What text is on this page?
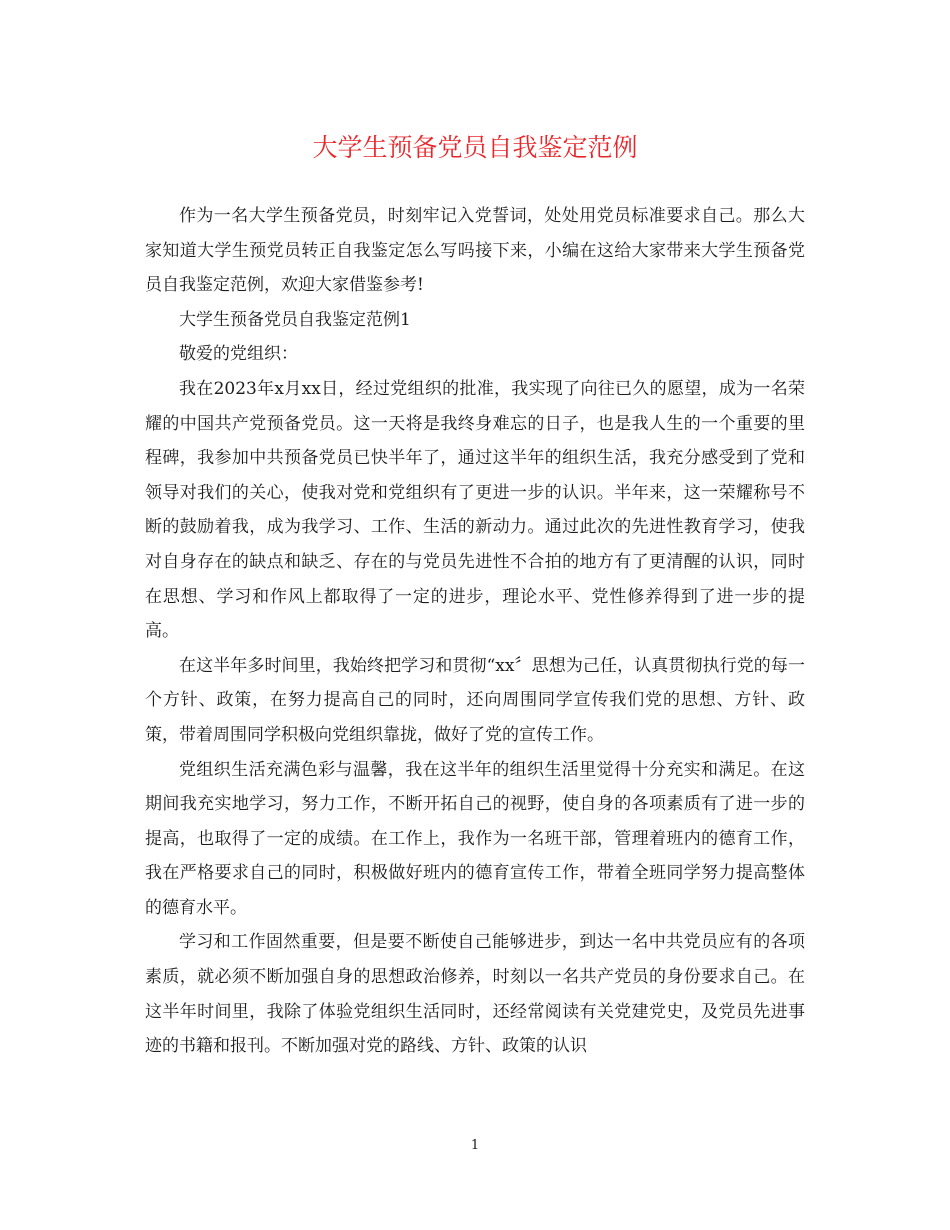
大学生预备党员自我鉴定范例

作为一名大学生预备党员，时刻牢记入党誓词，处处用党员标准要求自己。那么大家知道大学生预党员转正自我鉴定怎么写吗接下来，小编在这给大家带来大学生预备党员自我鉴定范例，欢迎大家借鉴参考!

大学生预备党员自我鉴定范例1

敬爱的党组织：

我在2023年x月xx日，经过党组织的批准，我实现了向往已久的愿望，成为一名荣耀的中国共产党预备党员。这一天将是我终身难忘的日子，也是我人生的一个重要的里程碑，我参加中共预备党员已快半年了，通过这半年的组织生活，我充分感受到了党和领导对我们的关心，使我对党和党组织有了更进一步的认识。半年来，这一荣耀称号不断的鼓励着我，成为我学习、工作、生活的新动力。通过此次的先进性教育学习，使我对自身存在的缺点和缺乏、存在的与党员先进性不合拍的地方有了更清醒的认识，同时在思想、学习和作风上都取得了一定的进步，理论水平、党性修养得到了进一步的提高。

在这半年多时间里，我始终把学习和贯彻“xx〞思想为己任，认真贯彻执行党的每一个方针、政策，在努力提高自己的同时，还向周围同学宣传我们党的思想、方针、政策，带着周围同学积极向党组织靠拢，做好了党的宣传工作。

党组织生活充满色彩与温馨，我在这半年的组织生活里觉得十分充实和满足。在这期间我充实地学习，努力工作，不断开拓自己的视野，使自身的各项素质有了进一步的提高，也取得了一定的成绩。在工作上，我作为一名班干部，管理着班内的德育工作，我在严格要求自己的同时，积极做好班内的德育宣传工作，带着全班同学努力提高整体的德育水平。

学习和工作固然重要，但是要不断使自己能够进步，到达一名中共党员应有的各项素质，就必须不断加强自身的思想政治修养，时刻以一名共产党员的身份要求自己。在这半年时间里，我除了体验党组织生活同时，还经常阅读有关党建党史，及党员先进事迹的书籍和报刊。不断加强对党的路线、方针、政策的认识

1
